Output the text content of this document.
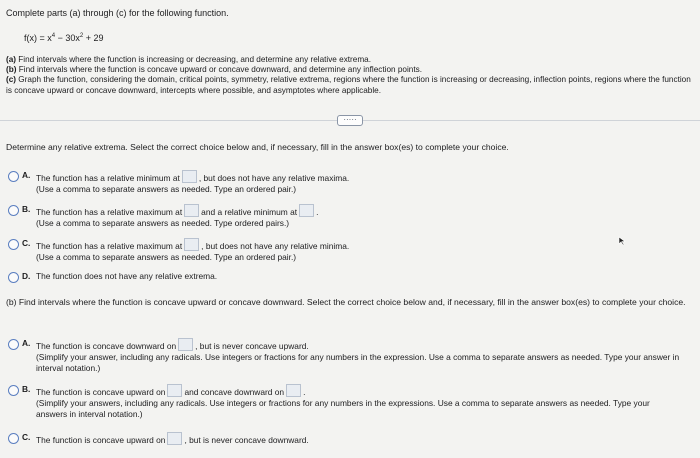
Complete parts (a) through (c) for the following function.
$f(x) = x^4 - 30x^2 + 29$
(a) Find intervals where the function is increasing or decreasing, and determine any relative extrema.
(b) Find intervals where the function is concave upward or concave downward, and determine any inflection points.
(c) Graph the function, considering the domain, critical points, symmetry, relative extrema, regions where the function is increasing or decreasing, inflection points, regions where the function is concave upward or concave downward, intercepts where possible, and asymptotes where applicable.
·····
Determine any relative extrema. Select the correct choice below and, if necessary, fill in the answer box(es) to complete your choice.
A. The function has a relative minimum at , but does not have any relative maxima.
(Use a comma to separate answers as needed. Type an ordered pair.)
B. The function has a relative maximum at and a relative minimum at .
(Use a comma to separate answers as needed. Type ordered pairs.)
C. The function has a relative maximum at , but does not have any relative minima.
(Use a comma to separate answers as needed. Type an ordered pair.)
D. The function does not have any relative extrema.
(b) Find intervals where the function is concave upward or concave downward. Select the correct choice below and, if necessary, fill in the answer box(es) to complete your choice.
A. The function is concave downward on , but is never concave upward.
(Simplify your answer, including any radicals. Use integers or fractions for any numbers in the expression. Use a comma to separate answers as needed. Type your answer in interval notation.)
B. The function is concave upward on and concave downward on .
(Simplify your answers, including any radicals. Use integers or fractions for any numbers in the expressions. Use a comma to separate answers as needed. Type your answers in interval notation.)
C. The function is concave upward on , but is never concave downward.
